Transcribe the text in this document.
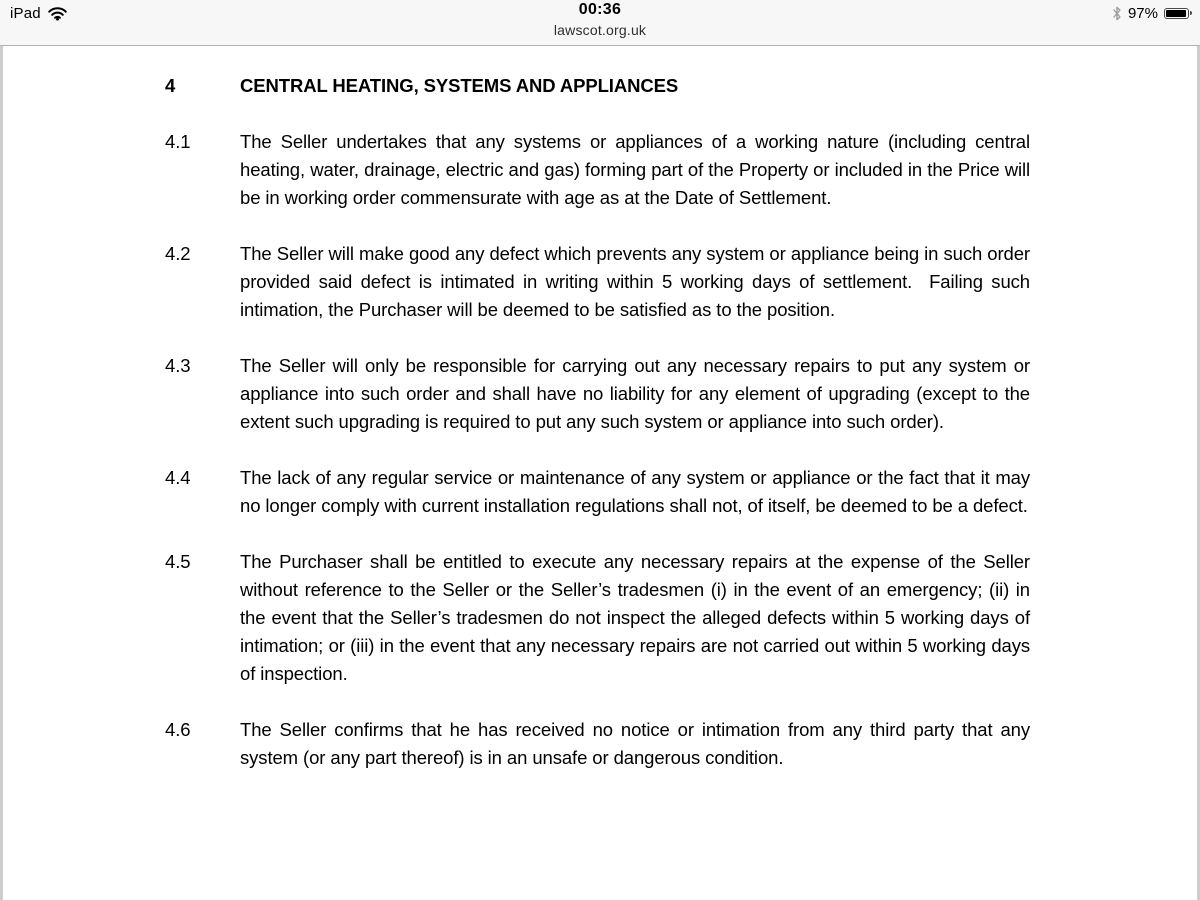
iPad	00:36
lawscot.org.uk
97%
4	CENTRAL HEATING, SYSTEMS AND APPLIANCES
4.1	The Seller undertakes that any systems or appliances of a working nature (including central heating, water, drainage, electric and gas) forming part of the Property or included in the Price will be in working order commensurate with age as at the Date of Settlement.
4.2	The Seller will make good any defect which prevents any system or appliance being in such order provided said defect is intimated in writing within 5 working days of settlement.  Failing such intimation, the Purchaser will be deemed to be satisfied as to the position.
4.3	The Seller will only be responsible for carrying out any necessary repairs to put any system or appliance into such order and shall have no liability for any element of upgrading (except to the extent such upgrading is required to put any such system or appliance into such order).
4.4	The lack of any regular service or maintenance of any system or appliance or the fact that it may no longer comply with current installation regulations shall not, of itself, be deemed to be a defect.
4.5	The Purchaser shall be entitled to execute any necessary repairs at the expense of the Seller without reference to the Seller or the Seller’s tradesmen (i) in the event of an emergency; (ii) in the event that the Seller’s tradesmen do not inspect the alleged defects within 5 working days of intimation; or (iii) in the event that any necessary repairs are not carried out within 5 working days of inspection.
4.6	The Seller confirms that he has received no notice or intimation from any third party that any system (or any part thereof) is in an unsafe or dangerous condition.
